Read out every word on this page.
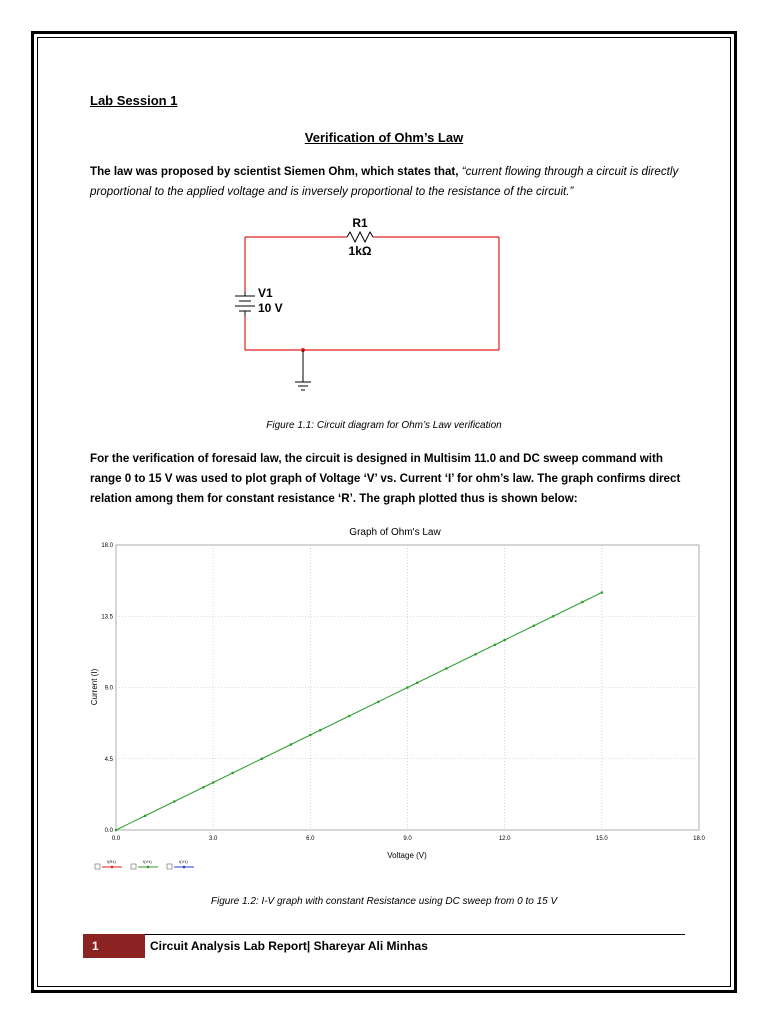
Lab Session 1
Verification of Ohm’s Law
The law was proposed by scientist Siemen Ohm, which states that, “current flowing through a circuit is directly proportional to the applied voltage and is inversely proportional to the resistance of the circuit.”
R1
1kΩ
V1
10 V
Figure 1.1: Circuit diagram for Ohm’s Law verification
For the verification of foresaid law, the circuit is designed in Multisim 11.0 and DC sweep command with range 0 to 15 V was used to plot graph of Voltage ‘V’ vs. Current ‘I’ for ohm’s law. The graph confirms direct relation among them for constant resistance ‘R’. The graph plotted thus is shown below:
Graph of Ohm's Law
0.0	3.0	6.0	9.0	12.0	15.0	18.0
0.0
4.5
9.0
13.5
18.0
Voltage (V)
Current (I)
I(R1)	I(V1)	I(V1)
Figure 1.2: I-V graph with constant Resistance using DC sweep from 0 to 15 V
1	Circuit Analysis Lab Report| Shareyar Ali Minhas
